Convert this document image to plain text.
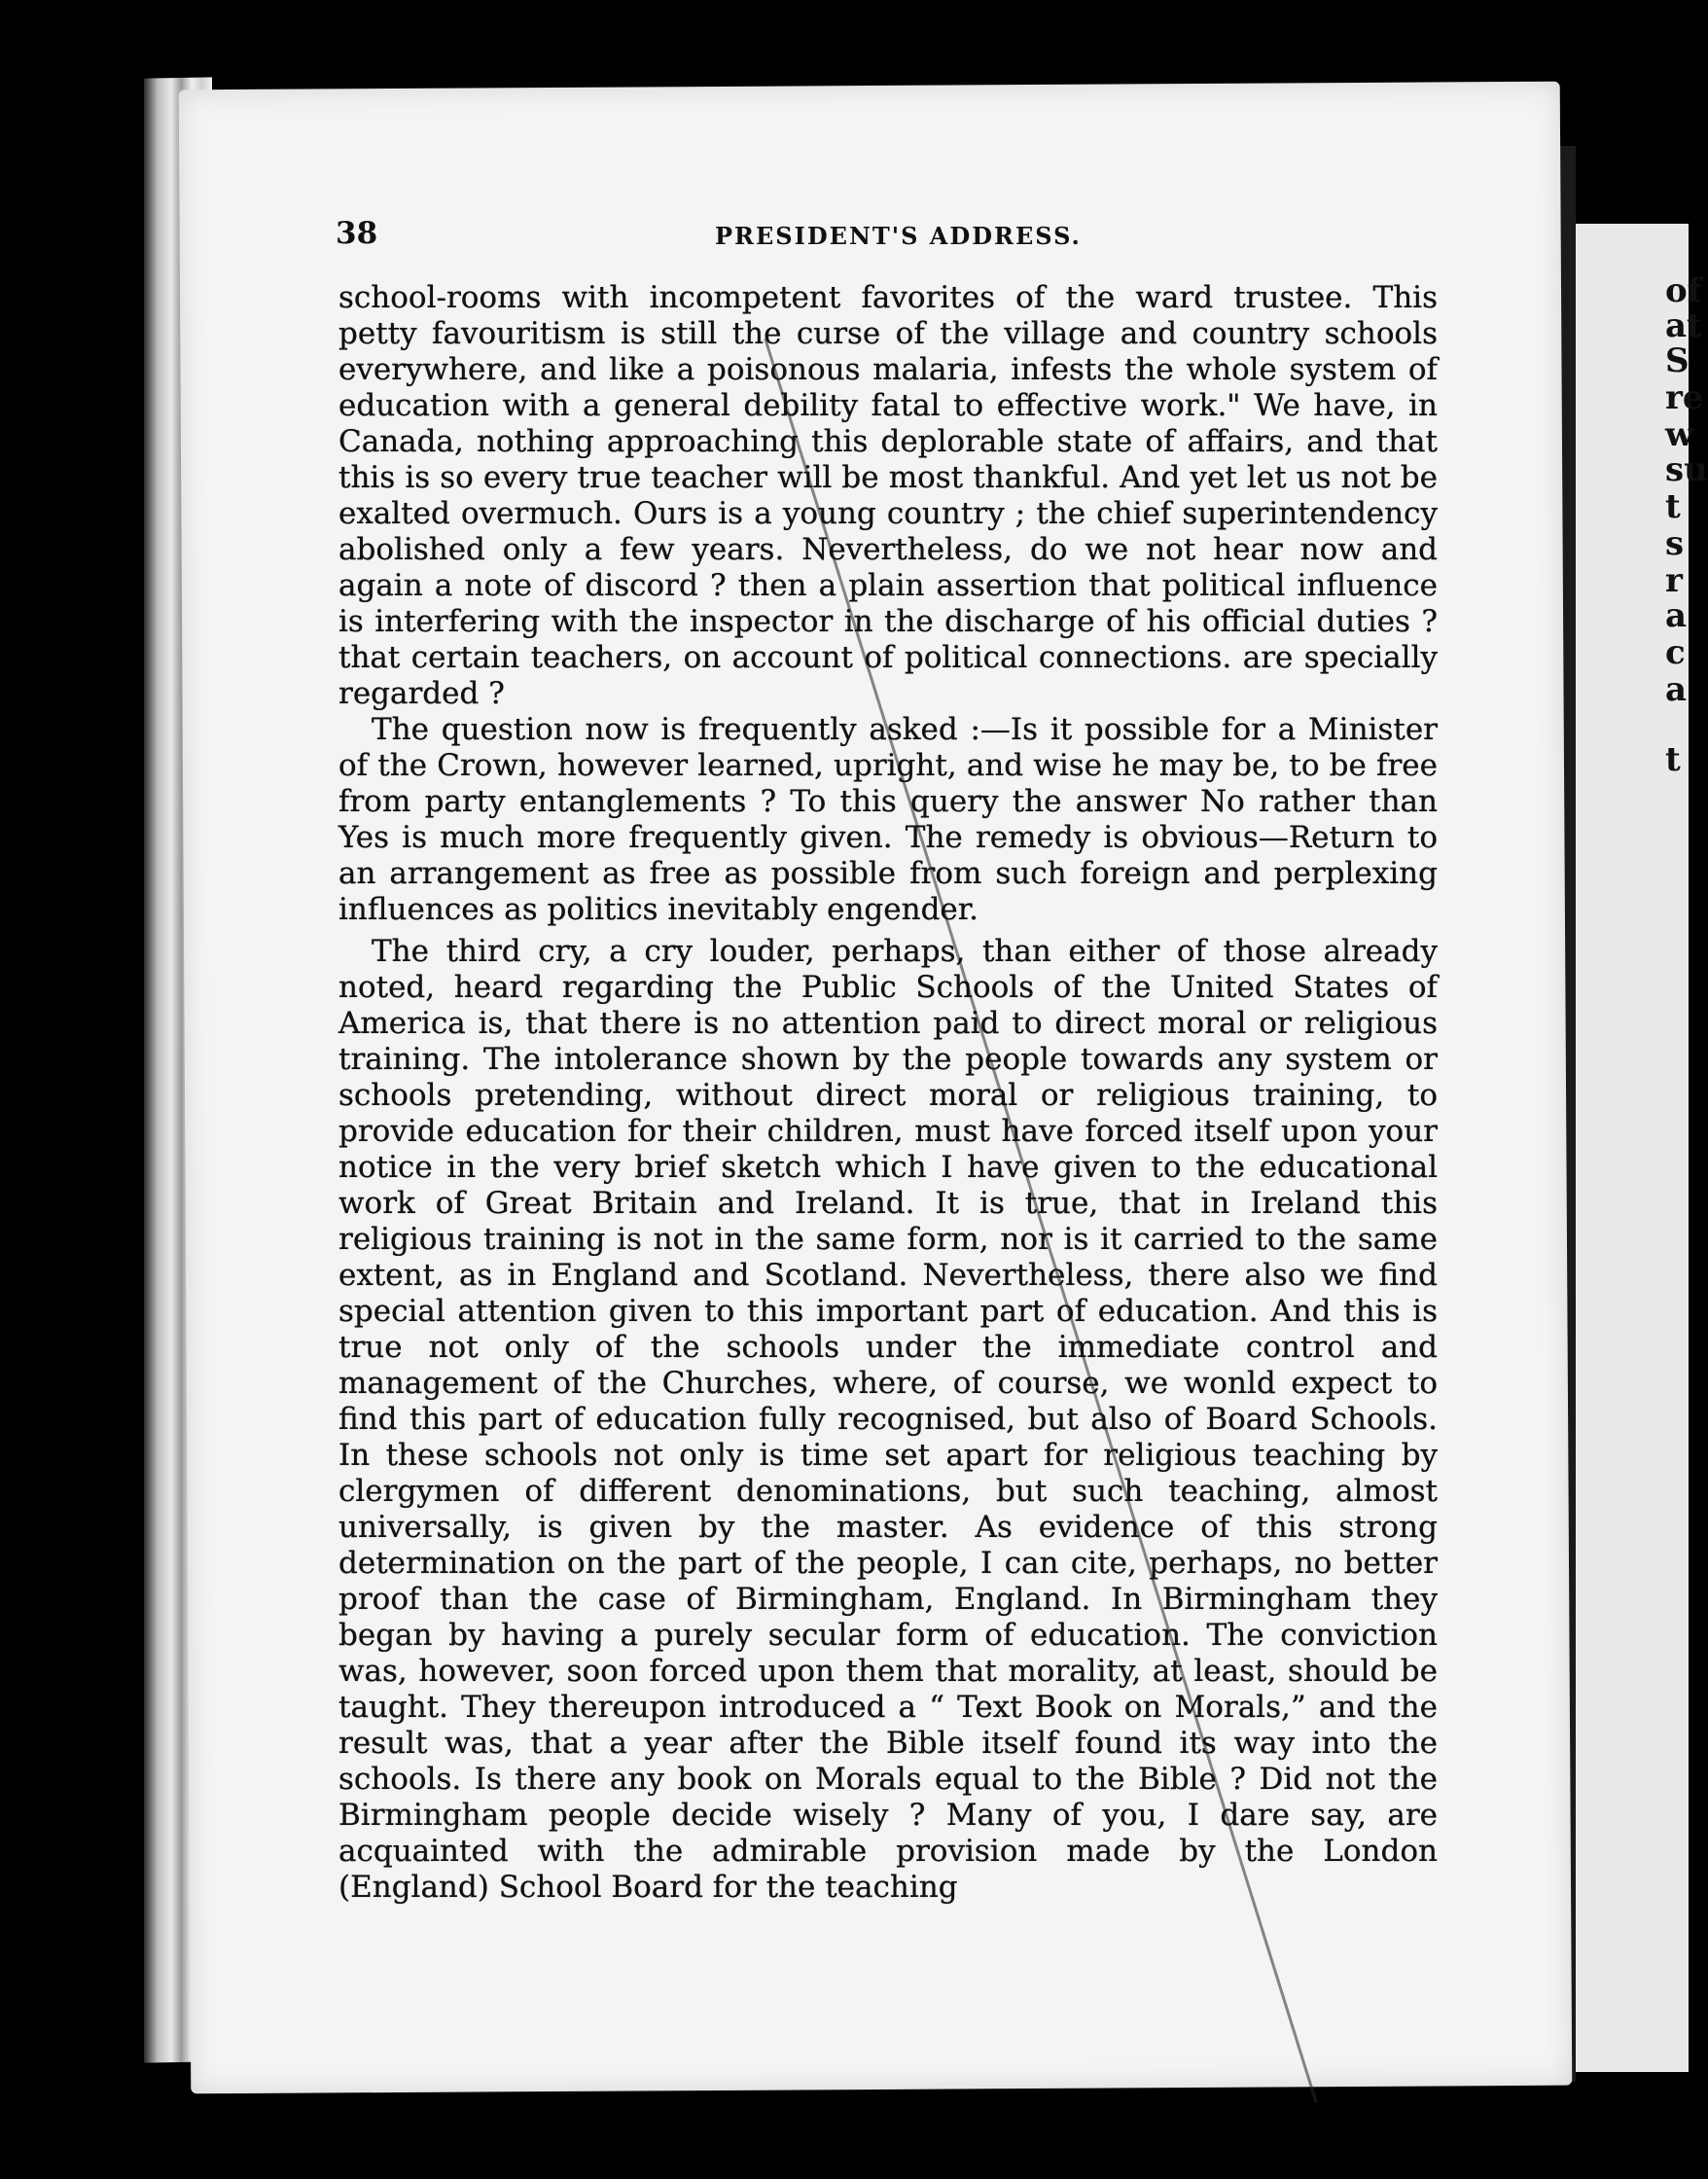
of
at
S
re
w
su
t
s
r
a
c
a
t
38	PRESIDENT'S ADDRESS.

school-rooms with incompetent favorites of the ward trustee. This petty favouritism is still the curse of the village and country schools everywhere, and like a poisonous malaria, infests the whole system of education with a general debility fatal to effective work." We have, in Canada, nothing approaching this deplorable state of affairs, and that this is so every true teacher will be most thankful. And yet let us not be exalted overmuch. Ours is a young country ; the chief superintendency abolished only a few years. Nevertheless, do we not hear now and again a note of discord ? then a plain assertion that political influence is interfering with the inspector in the discharge of his official duties ? that certain teachers, on account of political connections. are specially regarded ?

The question now is frequently asked :—Is it possible for a Minister of the Crown, however learned, upright, and wise he may be, to be free from party entanglements ? To this query the answer No rather than Yes is much more frequently given. The remedy is obvious—Return to an arrangement as free as possible from such foreign and perplexing influences as politics inevitably engender.

The third cry, a cry louder, perhaps, than either of those already noted, heard regarding the Public Schools of the United States of America is, that there is no attention paid to direct moral or religious training. The intolerance shown by the people towards any system or schools pretending, without direct moral or religious training, to provide education for their children, must have forced itself upon your notice in the very brief sketch which I have given to the educational work of Great Britain and Ireland. It is true, that in Ireland this religious training is not in the same form, nor is it carried to the same extent, as in England and Scotland. Nevertheless, there also we find special attention given to this important part of education. And this is true not only of the schools under the immediate control and management of the Churches, where, of course, we wonld expect to find this part of education fully recognised, but also of Board Schools. In these schools not only is time set apart for religious teaching by clergymen of different denominations, but such teaching, almost universally, is given by the master. As evidence of this strong determination on the part of the people, I can cite, perhaps, no better proof than the case of Birmingham, England. In Birmingham they began by having a purely secular form of education. The conviction was, however, soon forced upon them that morality, at least, should be taught. They thereupon introduced a “ Text Book on Morals,” and the result was, that a year after the Bible itself found its way into the schools. Is there any book on Morals equal to the Bible ? Did not the Birmingham people decide wisely ? Many of you, I dare say, are acquainted with the admirable provision made by the London (England) School Board for the teaching
